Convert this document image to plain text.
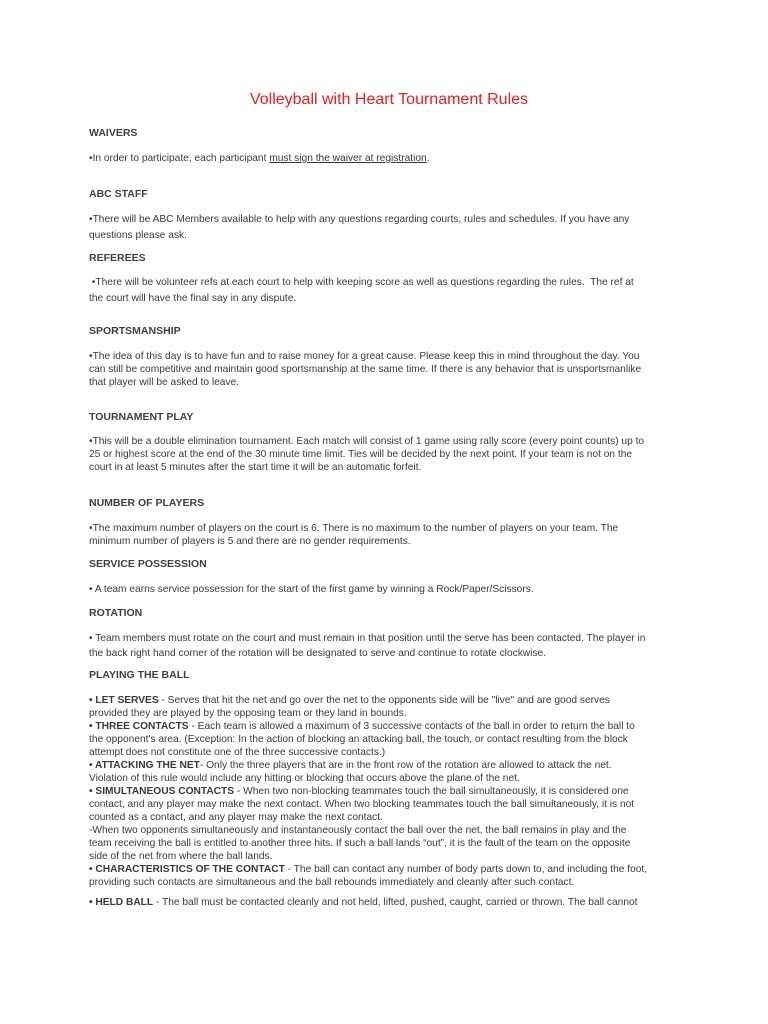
Volleyball with Heart Tournament Rules
WAIVERS
•In order to participate, each participant must sign the waiver at registration.
ABC STAFF
•There will be ABC Members available to help with any questions regarding courts, rules and schedules. If you have any
questions please ask.
REFEREES
•There will be volunteer refs at each court to help with keeping score as well as questions regarding the rules.  The ref at
the court will have the final say in any dispute.
SPORTSMANSHIP
•The idea of this day is to have fun and to raise money for a great cause. Please keep this in mind throughout the day. You
can still be competitive and maintain good sportsmanship at the same time. If there is any behavior that is unsportsmanlike
that player will be asked to leave.
TOURNAMENT PLAY
•This will be a double elimination tournament. Each match will consist of 1 game using rally score (every point counts) up to
25 or highest score at the end of the 30 minute time limit. Ties will be decided by the next point. If your team is not on the
court in at least 5 minutes after the start time it will be an automatic forfeit.
NUMBER OF PLAYERS
•The maximum number of players on the court is 6. There is no maximum to the number of players on your team. The
minimum number of players is 5 and there are no gender requirements.
SERVICE POSSESSION
• A team earns service possession for the start of the first game by winning a Rock/Paper/Scissors.
ROTATION
• Team members must rotate on the court and must remain in that position until the serve has been contacted. The player in
the back right hand corner of the rotation will be designated to serve and continue to rotate clockwise.
PLAYING THE BALL
• LET SERVES - Serves that hit the net and go over the net to the opponents side will be "live" and are good serves
provided they are played by the opposing team or they land in bounds.
• THREE CONTACTS - Each team is allowed a maximum of 3 successive contacts of the ball in order to return the ball to
the opponent's area. (Exception: In the action of blocking an attacking ball, the touch, or contact resulting from the block
attempt does not constitute one of the three successive contacts.)
• ATTACKING THE NET- Only the three players that are in the front row of the rotation are allowed to attack the net.
Violation of this rule would include any hitting or blocking that occurs above the plane of the net.
• SIMULTANEOUS CONTACTS - When two non-blocking teammates touch the ball simultaneously, it is considered one
contact, and any player may make the next contact. When two blocking teammates touch the ball simultaneously, it is not
counted as a contact, and any player may make the next contact.
-When two opponents simultaneously and instantaneously contact the ball over the net, the ball remains in play and the
team receiving the ball is entitled to another three hits. If such a ball lands “out”, it is the fault of the team on the opposite
side of the net from where the ball lands.
• CHARACTERISTICS OF THE CONTACT - The ball can contact any number of body parts down to, and including the foot,
providing such contacts are simultaneous and the ball rebounds immediately and cleanly after such contact.
• HELD BALL - The ball must be contacted cleanly and not held, lifted, pushed, caught, carried or thrown. The ball cannot
